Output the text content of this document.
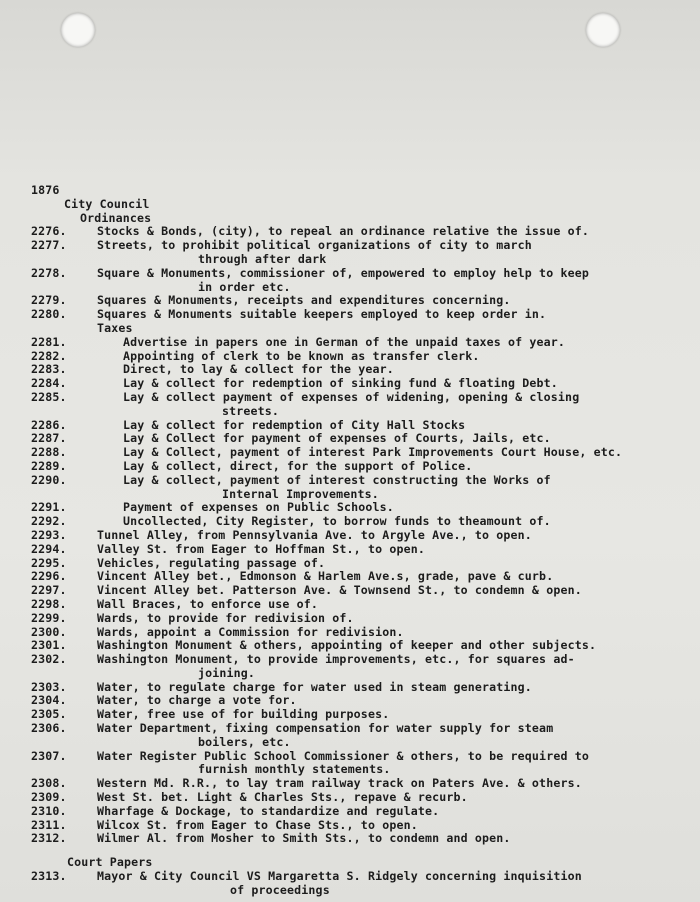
1876
City Council
Ordinances
2276.	Stocks & Bonds, (city), to repeal an ordinance relative the issue of.
2277.	Streets, to prohibit political organizations of city to march
through after dark
2278.	Square & Monuments, commissioner of, empowered to employ help to keep
in order etc.
2279.	Squares & Monuments, receipts and expenditures concerning.
2280.	Squares & Monuments suitable keepers employed to keep order in.
Taxes
2281.	Advertise in papers one in German of the unpaid taxes of year.
2282.	Appointing of clerk to be known as transfer clerk.
2283.	Direct, to lay & collect for the year.
2284.	Lay & collect for redemption of sinking fund & floating Debt.
2285.	Lay & collect payment of expenses of widening, opening & closing
streets.
2286.	Lay & collect for redemption of City Hall Stocks
2287.	Lay & Collect for payment of expenses of Courts, Jails, etc.
2288.	Lay & Collect, payment of interest Park Improvements Court House, etc.
2289.	Lay & collect, direct, for the support of Police.
2290.	Lay & collect, payment of interest constructing the Works of
Internal Improvements.
2291.	Payment of expenses on Public Schools.
2292.	Uncollected, City Register, to borrow funds to theamount of.
2293.	Tunnel Alley, from Pennsylvania Ave. to Argyle Ave., to open.
2294.	Valley St. from Eager to Hoffman St., to open.
2295.	Vehicles, regulating passage of.
2296.	Vincent Alley bet., Edmonson & Harlem Ave.s, grade, pave & curb.
2297.	Vincent Alley bet. Patterson Ave. & Townsend St., to condemn & open.
2298.	Wall Braces, to enforce use of.
2299.	Wards, to provide for redivision of.
2300.	Wards, appoint a Commission for redivision.
2301.	Washington Monument & others, appointing of keeper and other subjects.
2302.	Washington Monument, to provide improvements, etc., for squares ad-
joining.
2303.	Water, to regulate charge for water used in steam generating.
2304.	Water, to charge a vote for.
2305.	Water, free use of for building purposes.
2306.	Water Department, fixing compensation for water supply for steam
boilers, etc.
2307.	Water Register Public School Commissioner & others, to be required to
furnish monthly statements.
2308.	Western Md. R.R., to lay tram railway track on Paters Ave. & others.
2309.	West St. bet. Light & Charles Sts., repave & recurb.
2310.	Wharfage & Dockage, to standardize and regulate.
2311.	Wilcox St. from Eager to Chase Sts., to open.
2312.	Wilmer Al. from Mosher to Smith Sts., to condemn and open.
Court Papers
2313.	Mayor & City Council VS Margaretta S. Ridgely concerning inquisition
of proceedings
